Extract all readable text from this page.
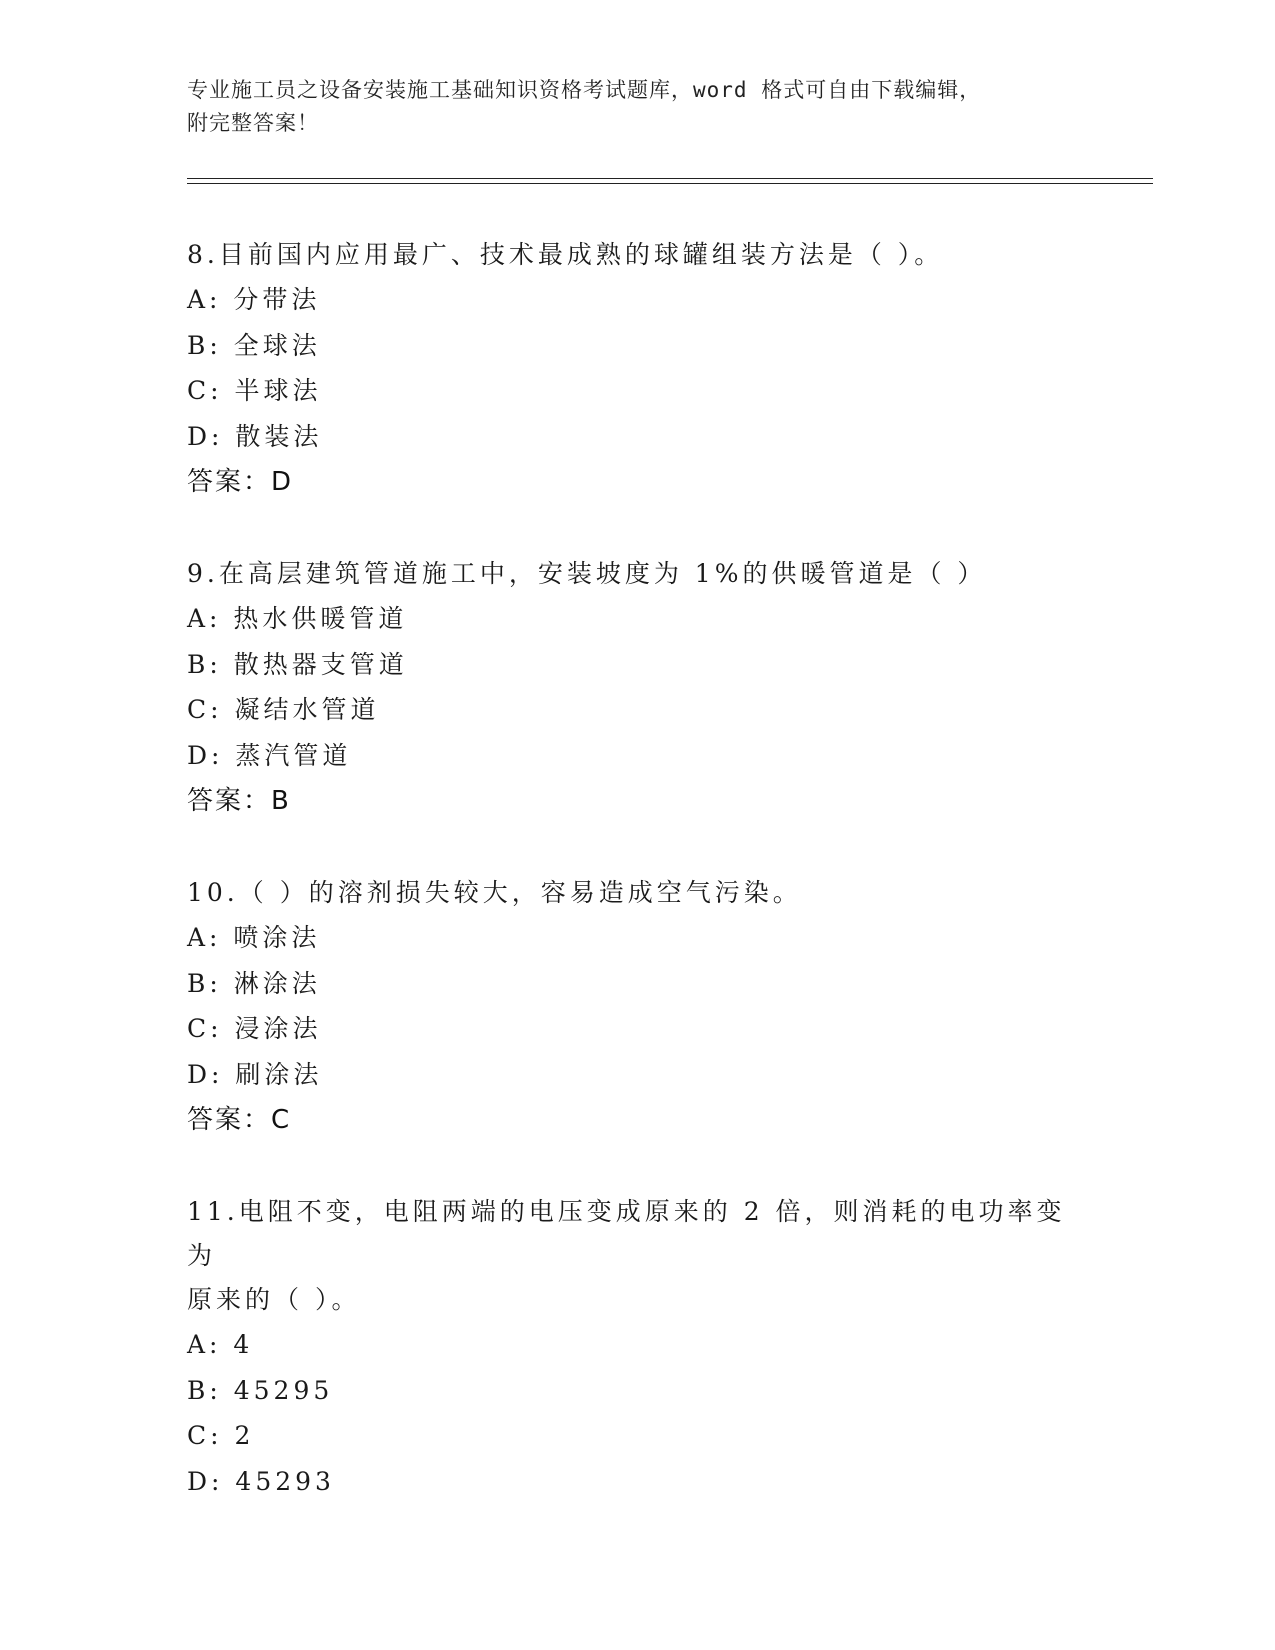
专业施工员之设备安装施工基础知识资格考试题库，word 格式可自由下载编辑，
附完整答案！
8.目前国内应用最广、技术最成熟的球罐组装方法是（ ）。
A: 分带法
B: 全球法
C: 半球法
D: 散装法
答案：D
9.在高层建筑管道施工中，安装坡度为 1%的供暖管道是（ ）
A: 热水供暖管道
B: 散热器支管道
C: 凝结水管道
D: 蒸汽管道
答案：B
10.（ ）的溶剂损失较大，容易造成空气污染。
A: 喷涂法
B: 淋涂法
C: 浸涂法
D: 刷涂法
答案：C
11.电阻不变，电阻两端的电压变成原来的 2 倍，则消耗的电功率变为
原来的（ ）。
A: 4
B: 45295
C: 2
D: 45293
